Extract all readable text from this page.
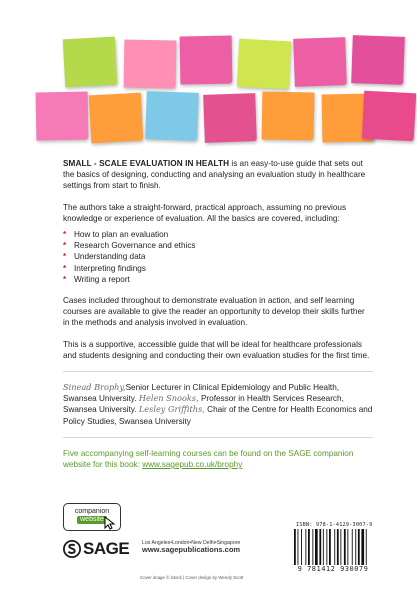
SMALL - SCALE EVALUATION IN HEALTH is an easy-to-use guide that sets out the basics of designing, conducting and analysing an evaluation study in healthcare settings from start to finish.

The authors take a straight-forward, practical approach, assuming no previous knowledge or experience of evaluation. All the basics are covered, including:

* How to plan an evaluation
* Research Governance and ethics
* Understanding data
* Interpreting findings
* Writing a report

Cases included throughout to demonstrate evaluation in action, and self learning courses are available to give the reader an opportunity to develop their skills further in the methods and analysis involved in evaluation.

This is a supportive, accessible guide that will be ideal for healthcare professionals and students designing and conducting their own evaluation studies for the first time.

Sinead Brophy,Senior Lecturer in Clinical Epidemiology and Public Health, Swansea University. Helen Snooks, Professor in Health Services Research, Swansea University. Lesley Griffiths, Chair of the Centre for Health Economics and Policy Studies, Swansea University

Five accompanying self-learning courses can be found on the SAGE companion website for this book: www.sagepub.co.uk/brophy

companion
website
SAGE Los Angeles•London•New Delhi•Singapore
www.sagepublications.com
Cover image © istock | Cover design by Wendy Scott
ISBN: 978-1-4129-3007-9
9 781412 930079
